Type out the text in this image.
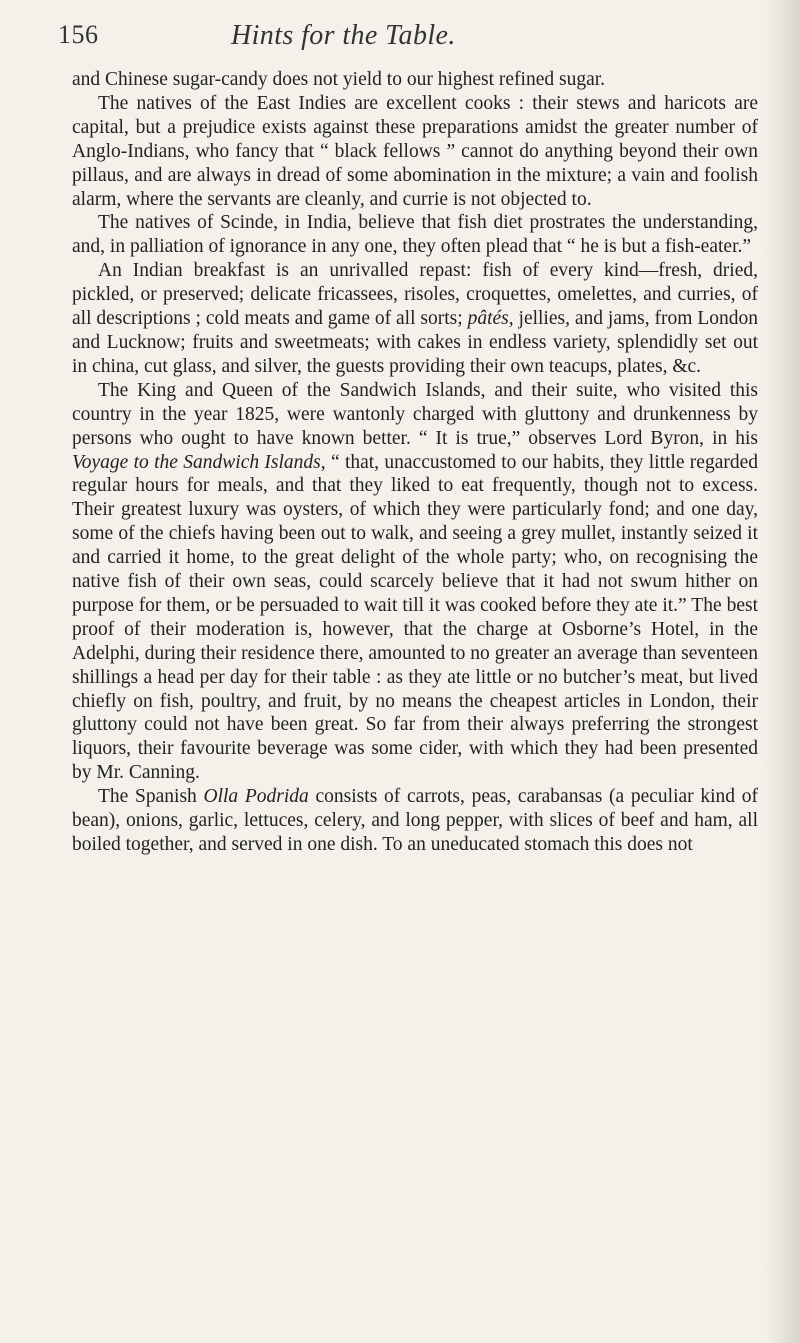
156	Hints for the Table.

and Chinese sugar-candy does not yield to our highest refined sugar.

The natives of the East Indies are excellent cooks : their stews and haricots are capital, but a prejudice exists against these preparations amidst the greater number of Anglo-Indians, who fancy that “ black fellows ” cannot do anything beyond their own pillaus, and are always in dread of some abomination in the mixture; a vain and foolish alarm, where the servants are cleanly, and currie is not objected to.

The natives of Scinde, in India, believe that fish diet prostrates the understanding, and, in palliation of ignorance in any one, they often plead that “ he is but a fish-eater.”

An Indian breakfast is an unrivalled repast: fish of every kind—fresh, dried, pickled, or preserved; delicate fricassees, risoles, croquettes, omelettes, and curries, of all descriptions ; cold meats and game of all sorts; pâtés, jellies, and jams, from London and Lucknow; fruits and sweetmeats; with cakes in endless variety, splendidly set out in china, cut glass, and silver, the guests providing their own teacups, plates, &c.

The King and Queen of the Sandwich Islands, and their suite, who visited this country in the year 1825, were wantonly charged with gluttony and drunkenness by persons who ought to have known better. “ It is true,” observes Lord Byron, in his Voyage to the Sandwich Islands, “ that, unaccustomed to our habits, they little regarded regular hours for meals, and that they liked to eat frequently, though not to excess. Their greatest luxury was oysters, of which they were particularly fond; and one day, some of the chiefs having been out to walk, and seeing a grey mullet, instantly seized it and carried it home, to the great delight of the whole party; who, on recognising the native fish of their own seas, could scarcely believe that it had not swum hither on purpose for them, or be persuaded to wait till it was cooked before they ate it.” The best proof of their moderation is, however, that the charge at Osborne’s Hotel, in the Adelphi, during their residence there, amounted to no greater an average than seventeen shillings a head per day for their table : as they ate little or no butcher’s meat, but lived chiefly on fish, poultry, and fruit, by no means the cheapest articles in London, their gluttony could not have been great. So far from their always preferring the strongest liquors, their favourite beverage was some cider, with which they had been presented by Mr. Canning.

The Spanish Olla Podrida consists of carrots, peas, carabansas (a peculiar kind of bean), onions, garlic, lettuces, celery, and long pepper, with slices of beef and ham, all boiled together, and served in one dish. To an uneducated stomach this does not
